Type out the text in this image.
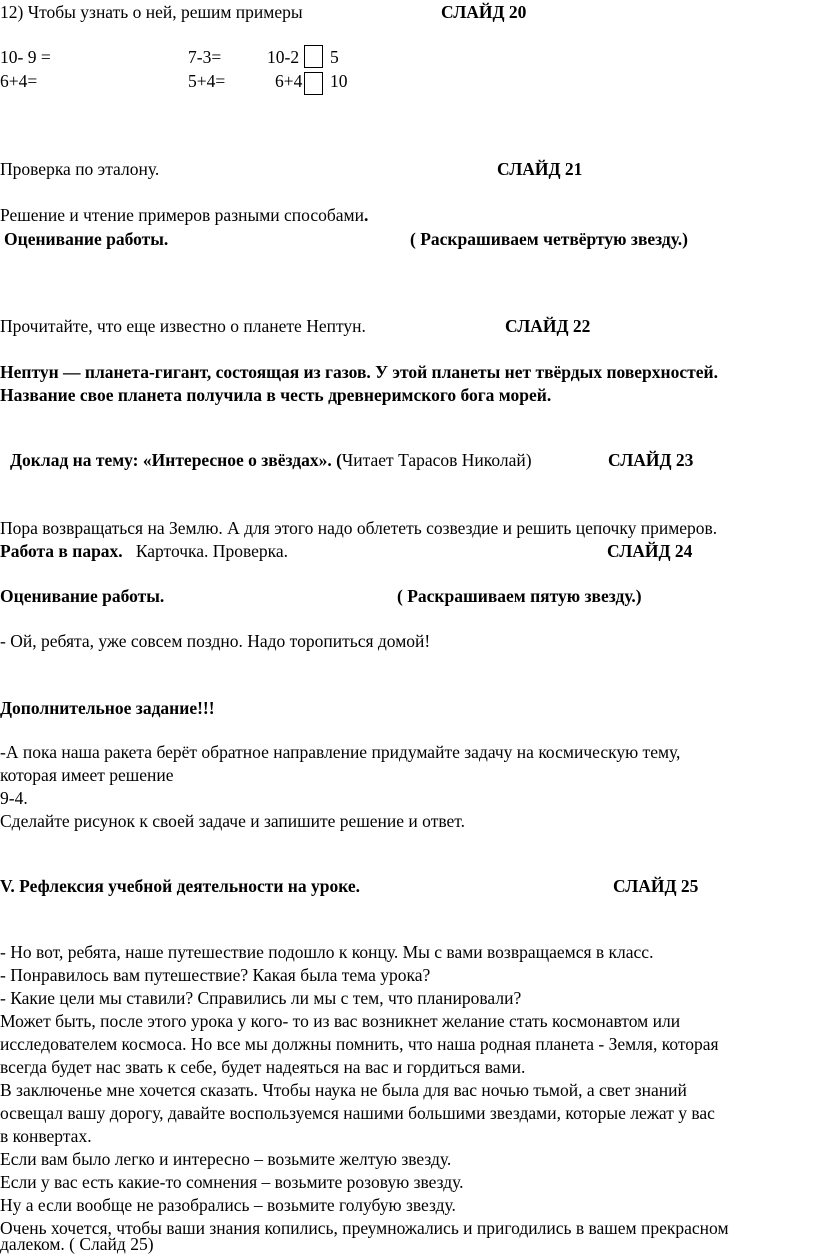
12) Чтобы узнать о ней, решим примеры	СЛАЙД 20
10- 9 =	7-3=	10-2 5
6+4=	5+4=	6+4 10
Проверка по эталону.	СЛАЙД 21
Решение и чтение примеров разными способами.
Оценивание работы.	( Раскрашиваем четвёртую звезду.)
Прочитайте, что еще известно о планете Нептун.	СЛАЙД 22
Нептун — планета-гигант, состоящая из газов. У этой планеты нет твёрдых поверхностей.
Название свое планета получила в честь древнеримского бога морей.
Доклад на тему: «Интересное о звёздах». (Читает Тарасов Николай)	СЛАЙД 23
Пора возвращаться на Землю. А для этого надо облететь созвездие и решить цепочку примеров.
Работа в парах. Карточка. Проверка.	СЛАЙД 24
Оценивание работы.	( Раскрашиваем пятую звезду.)
- Ой, ребята, уже совсем поздно. Надо торопиться домой!
Дополнительное задание!!!
-А пока наша ракета берёт обратное направление придумайте задачу на космическую тему,
которая имеет решение
9-4.
Сделайте рисунок к своей задаче и запишите решение и ответ.
V. Рефлексия учебной деятельности на уроке.	СЛАЙД 25
- Но вот, ребята, наше путешествие подошло к концу. Мы с вами возвращаемся в класс.
- Понравилось вам путешествие? Какая была тема урока?
- Какие цели мы ставили? Справились ли мы с тем, что планировали?
Может быть, после этого урока у кого- то из вас возникнет желание стать космонавтом или
исследователем космоса. Но все мы должны помнить, что наша родная планета - Земля, которая
всегда будет нас звать к себе, будет надеяться на вас и гордиться вами.
В заключенье мне хочется сказать. Чтобы наука не была для вас ночью тьмой, а свет знаний
освещал вашу дорогу, давайте воспользуемся нашими большими звездами, которые лежат у вас
в конвертах.
Если вам было легко и интересно – возьмите желтую звезду.
Если у вас есть какие-то сомнения – возьмите розовую звезду.
Ну а если вообще не разобрались – возьмите голубую звезду.
Очень хочется, чтобы ваши знания копились, преумножались и пригодились в вашем прекрасном
далеком. ( Слайд 25)
